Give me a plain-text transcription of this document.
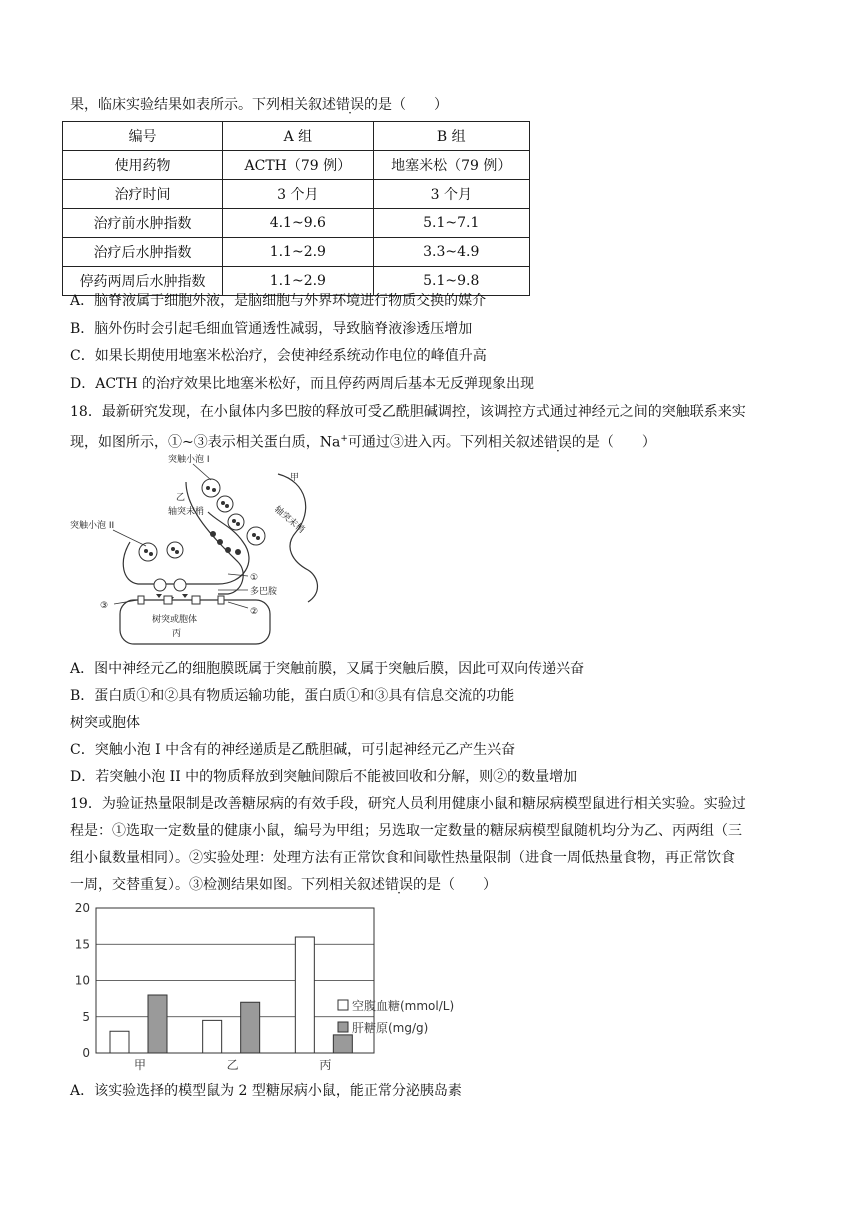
果，临床实验结果如表所示。下列相关叙述错误的是（　　）
编号	A 组	B 组
使用药物	ACTH（79 例）	地塞米松（79 例）
治疗时间	3 个月	3 个月
治疗前水肿指数	4.1~9.6	5.1~7.1
治疗后水肿指数	1.1~2.9	3.3~4.9
停药两周后水肿指数	1.1~2.9	5.1~9.8
A．脑脊液属于细胞外液，是脑细胞与外界环境进行物质交换的媒介
B．脑外伤时会引起毛细血管通透性减弱，导致脑脊液渗透压增加
C．如果长期使用地塞米松治疗，会使神经系统动作电位的峰值升高
D．ACTH 的治疗效果比地塞米松好，而且停药两周后基本无反弹现象出现
18．最新研究发现，在小鼠体内多巴胺的释放可受乙酰胆碱调控，该调控方式通过神经元之间的突触联系来实
现，如图所示，①~③表示相关蛋白质，Na+可通过③进入丙。下列相关叙述错误的是（　　）
突触小泡 I
甲
轴突末梢
乙
轴突末梢
突触小泡 II
①
多巴胺
③
②
树突或胞体
丙
A．图中神经元乙的细胞膜既属于突触前膜，又属于突触后膜，因此可双向传递兴奋
B．蛋白质①和②具有物质运输功能，蛋白质①和③具有信息交流的功能
树突或胞体
C．突触小泡 I 中含有的神经递质是乙酰胆碱，可引起神经元乙产生兴奋
D．若突触小泡 II 中的物质释放到突触间隙后不能被回收和分解，则②的数量增加
19．为验证热量限制是改善糖尿病的有效手段，研究人员利用健康小鼠和糖尿病模型鼠进行相关实验。实验过
程是：①选取一定数量的健康小鼠，编号为甲组；另选取一定数量的糖尿病模型鼠随机均分为乙、丙两组（三
组小鼠数量相同）。②实验处理：处理方法有正常饮食和间歇性热量限制（进食一周低热量食物，再正常饮食
一周，交替重复）。③检测结果如图。下列相关叙述错误的是（　　）
0
5
10
15
20
甲	乙	丙
空腹血糖(mmol/L)
肝糖原(mg/g)
A．该实验选择的模型鼠为 2 型糖尿病小鼠，能正常分泌胰岛素
